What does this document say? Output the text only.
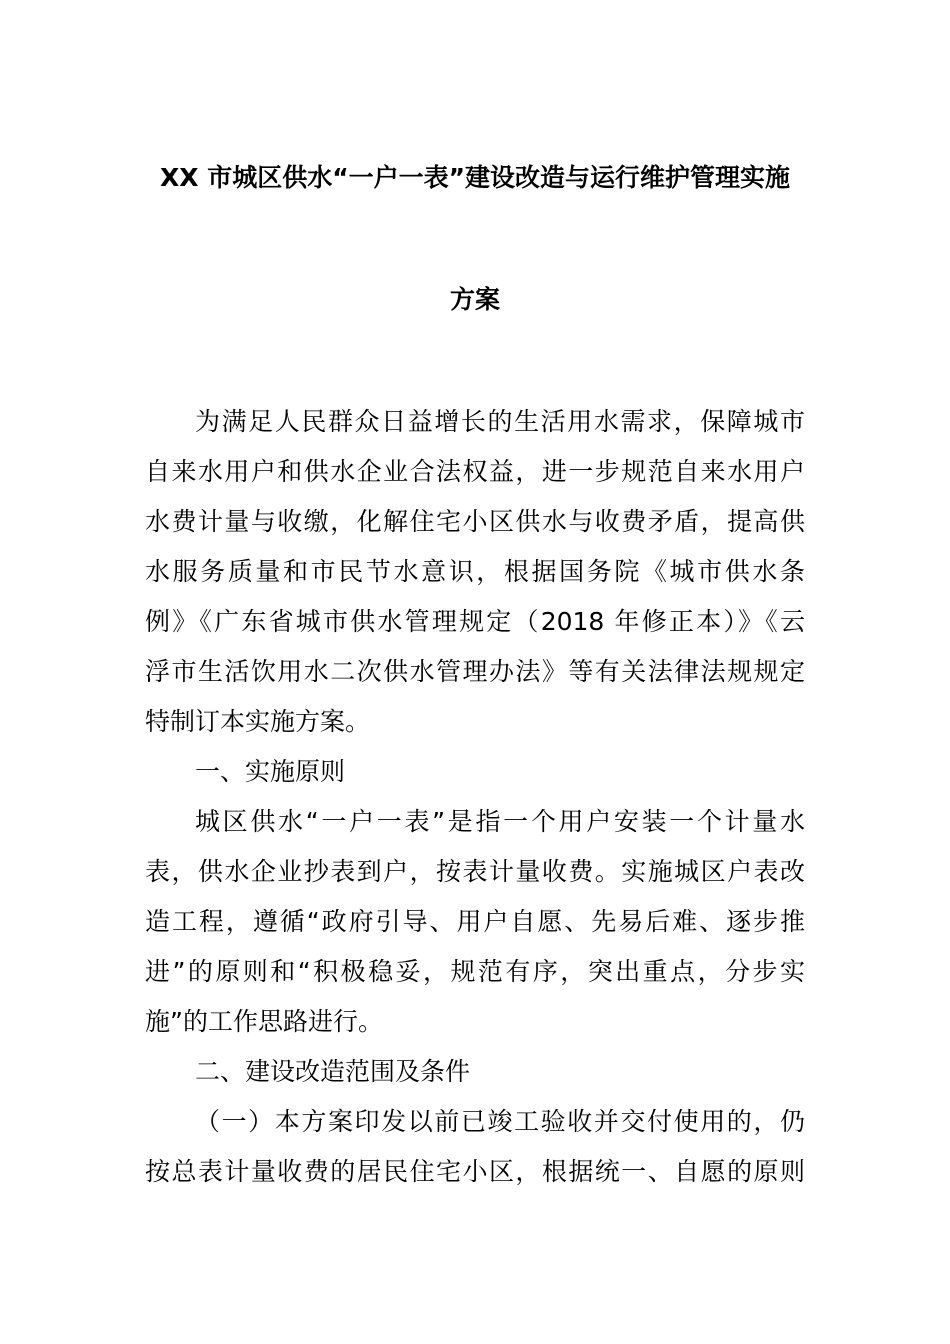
XX 市城区供水“一户一表”建设改造与运行维护管理实施
方案
为满足人民群众日益增长的生活用水需求，保障城市
自来水用户和供水企业合法权益，进一步规范自来水用户
水费计量与收缴，化解住宅小区供水与收费矛盾，提高供
水服务质量和市民节水意识，根据国务院《城市供水条
例》《广东省城市供水管理规定（2018 年修正本）》《云
浮市生活饮用水二次供水管理办法》等有关法律法规规定
特制订本实施方案。
一、实施原则
城区供水“一户一表”是指一个用户安装一个计量水
表，供水企业抄表到户，按表计量收费。实施城区户表改
造工程，遵循“政府引导、用户自愿、先易后难、逐步推
进”的原则和“积极稳妥，规范有序，突出重点，分步实
施”的工作思路进行。
二、建设改造范围及条件
（一）本方案印发以前已竣工验收并交付使用的，仍
按总表计量收费的居民住宅小区，根据统一、自愿的原则
